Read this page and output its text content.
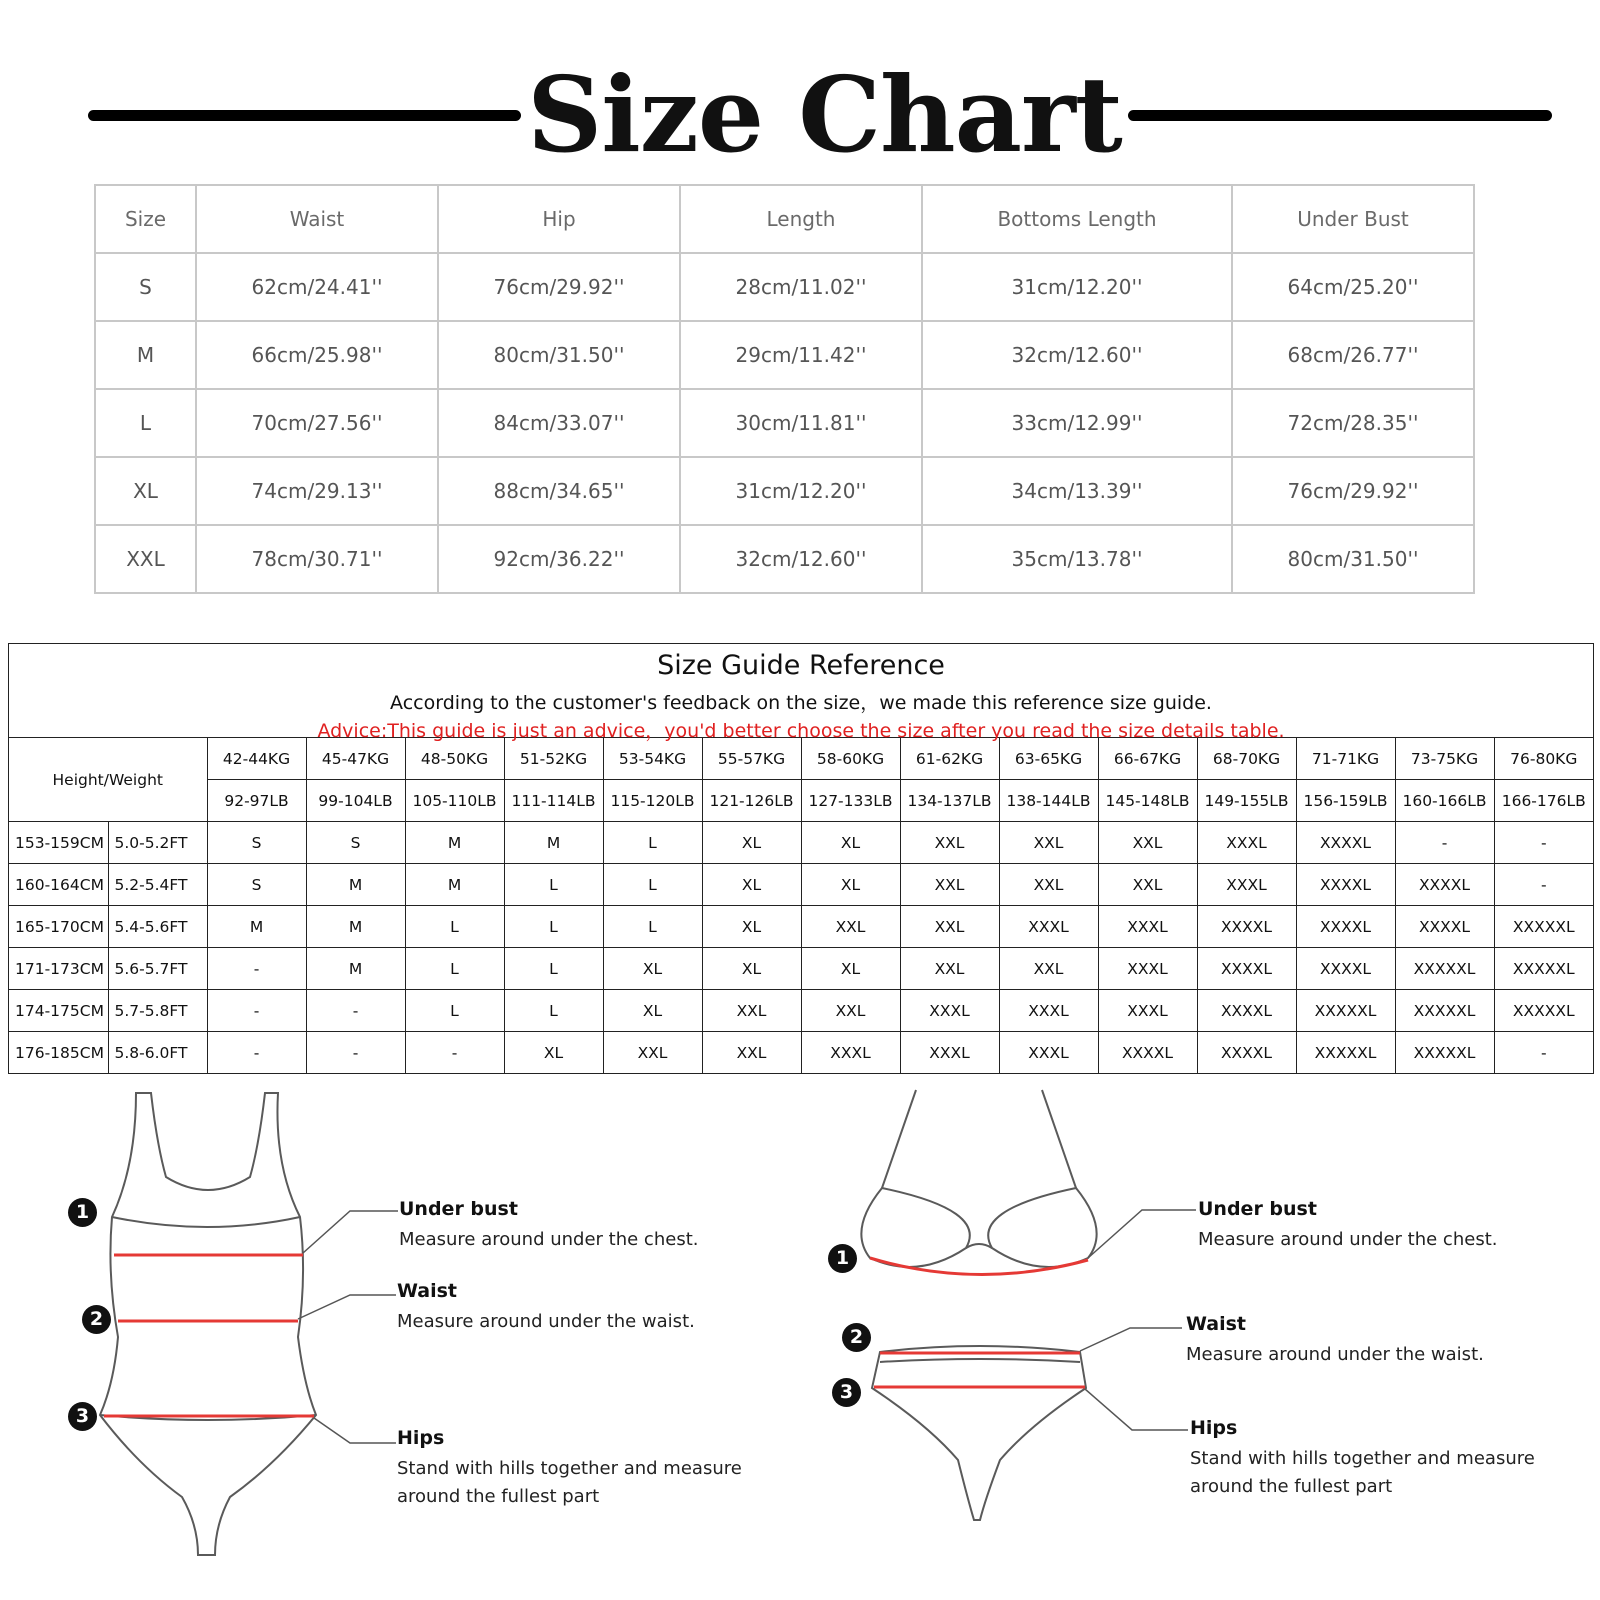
Size Chart
Size	Waist	Hip	Length	Bottoms Length	Under Bust
S	62cm/24.41''	76cm/29.92''	28cm/11.02''	31cm/12.20''	64cm/25.20''
M	66cm/25.98''	80cm/31.50''	29cm/11.42''	32cm/12.60''	68cm/26.77''
L	70cm/27.56''	84cm/33.07''	30cm/11.81''	33cm/12.99''	72cm/28.35''
XL	74cm/29.13''	88cm/34.65''	31cm/12.20''	34cm/13.39''	76cm/29.92''
XXL	78cm/30.71''	92cm/36.22''	32cm/12.60''	35cm/13.78''	80cm/31.50''
Size Guide Reference
According to the customer's feedback on the size，we made this reference size guide.
Advice:This guide is just an advice，you'd better choose the size after you read the size details table.
Height/Weight		42-44KG	45-47KG	48-50KG	51-52KG	53-54KG	55-57KG	58-60KG	61-62KG	63-65KG	66-67KG	68-70KG	71-71KG	73-75KG	76-80KG
		92-97LB	99-104LB	105-110LB	111-114LB	115-120LB	121-126LB	127-133LB	134-137LB	138-144LB	145-148LB	149-155LB	156-159LB	160-166LB	166-176LB
153-159CM	5.0-5.2FT	S	S	M	M	L	XL	XL	XXL	XXL	XXL	XXXL	XXXXL	-	-
160-164CM	5.2-5.4FT	S	M	M	L	L	XL	XL	XXL	XXL	XXL	XXXL	XXXXL	XXXXL	-
165-170CM	5.4-5.6FT	M	M	L	L	L	XL	XXL	XXL	XXXL	XXXL	XXXXL	XXXXL	XXXXL	XXXXXL
171-173CM	5.6-5.7FT	-	M	L	L	XL	XL	XL	XXL	XXL	XXXL	XXXXL	XXXXL	XXXXXL	XXXXXL
174-175CM	5.7-5.8FT	-	-	L	L	XL	XXL	XXL	XXXL	XXXL	XXXL	XXXXL	XXXXXL	XXXXXL	XXXXXL
176-185CM	5.8-6.0FT	-	-	-	XL	XXL	XXL	XXXL	XXXL	XXXL	XXXXL	XXXXL	XXXXXL	XXXXXL	-
1
2
3
Under bust
Measure around under the chest.
Waist
Measure around under the waist.
Hips
Stand with hills together and measure
around the fullest part
1
2
3
Under bust
Measure around under the chest.
Waist
Measure around under the waist.
Hips
Stand with hills together and measure
around the fullest part
